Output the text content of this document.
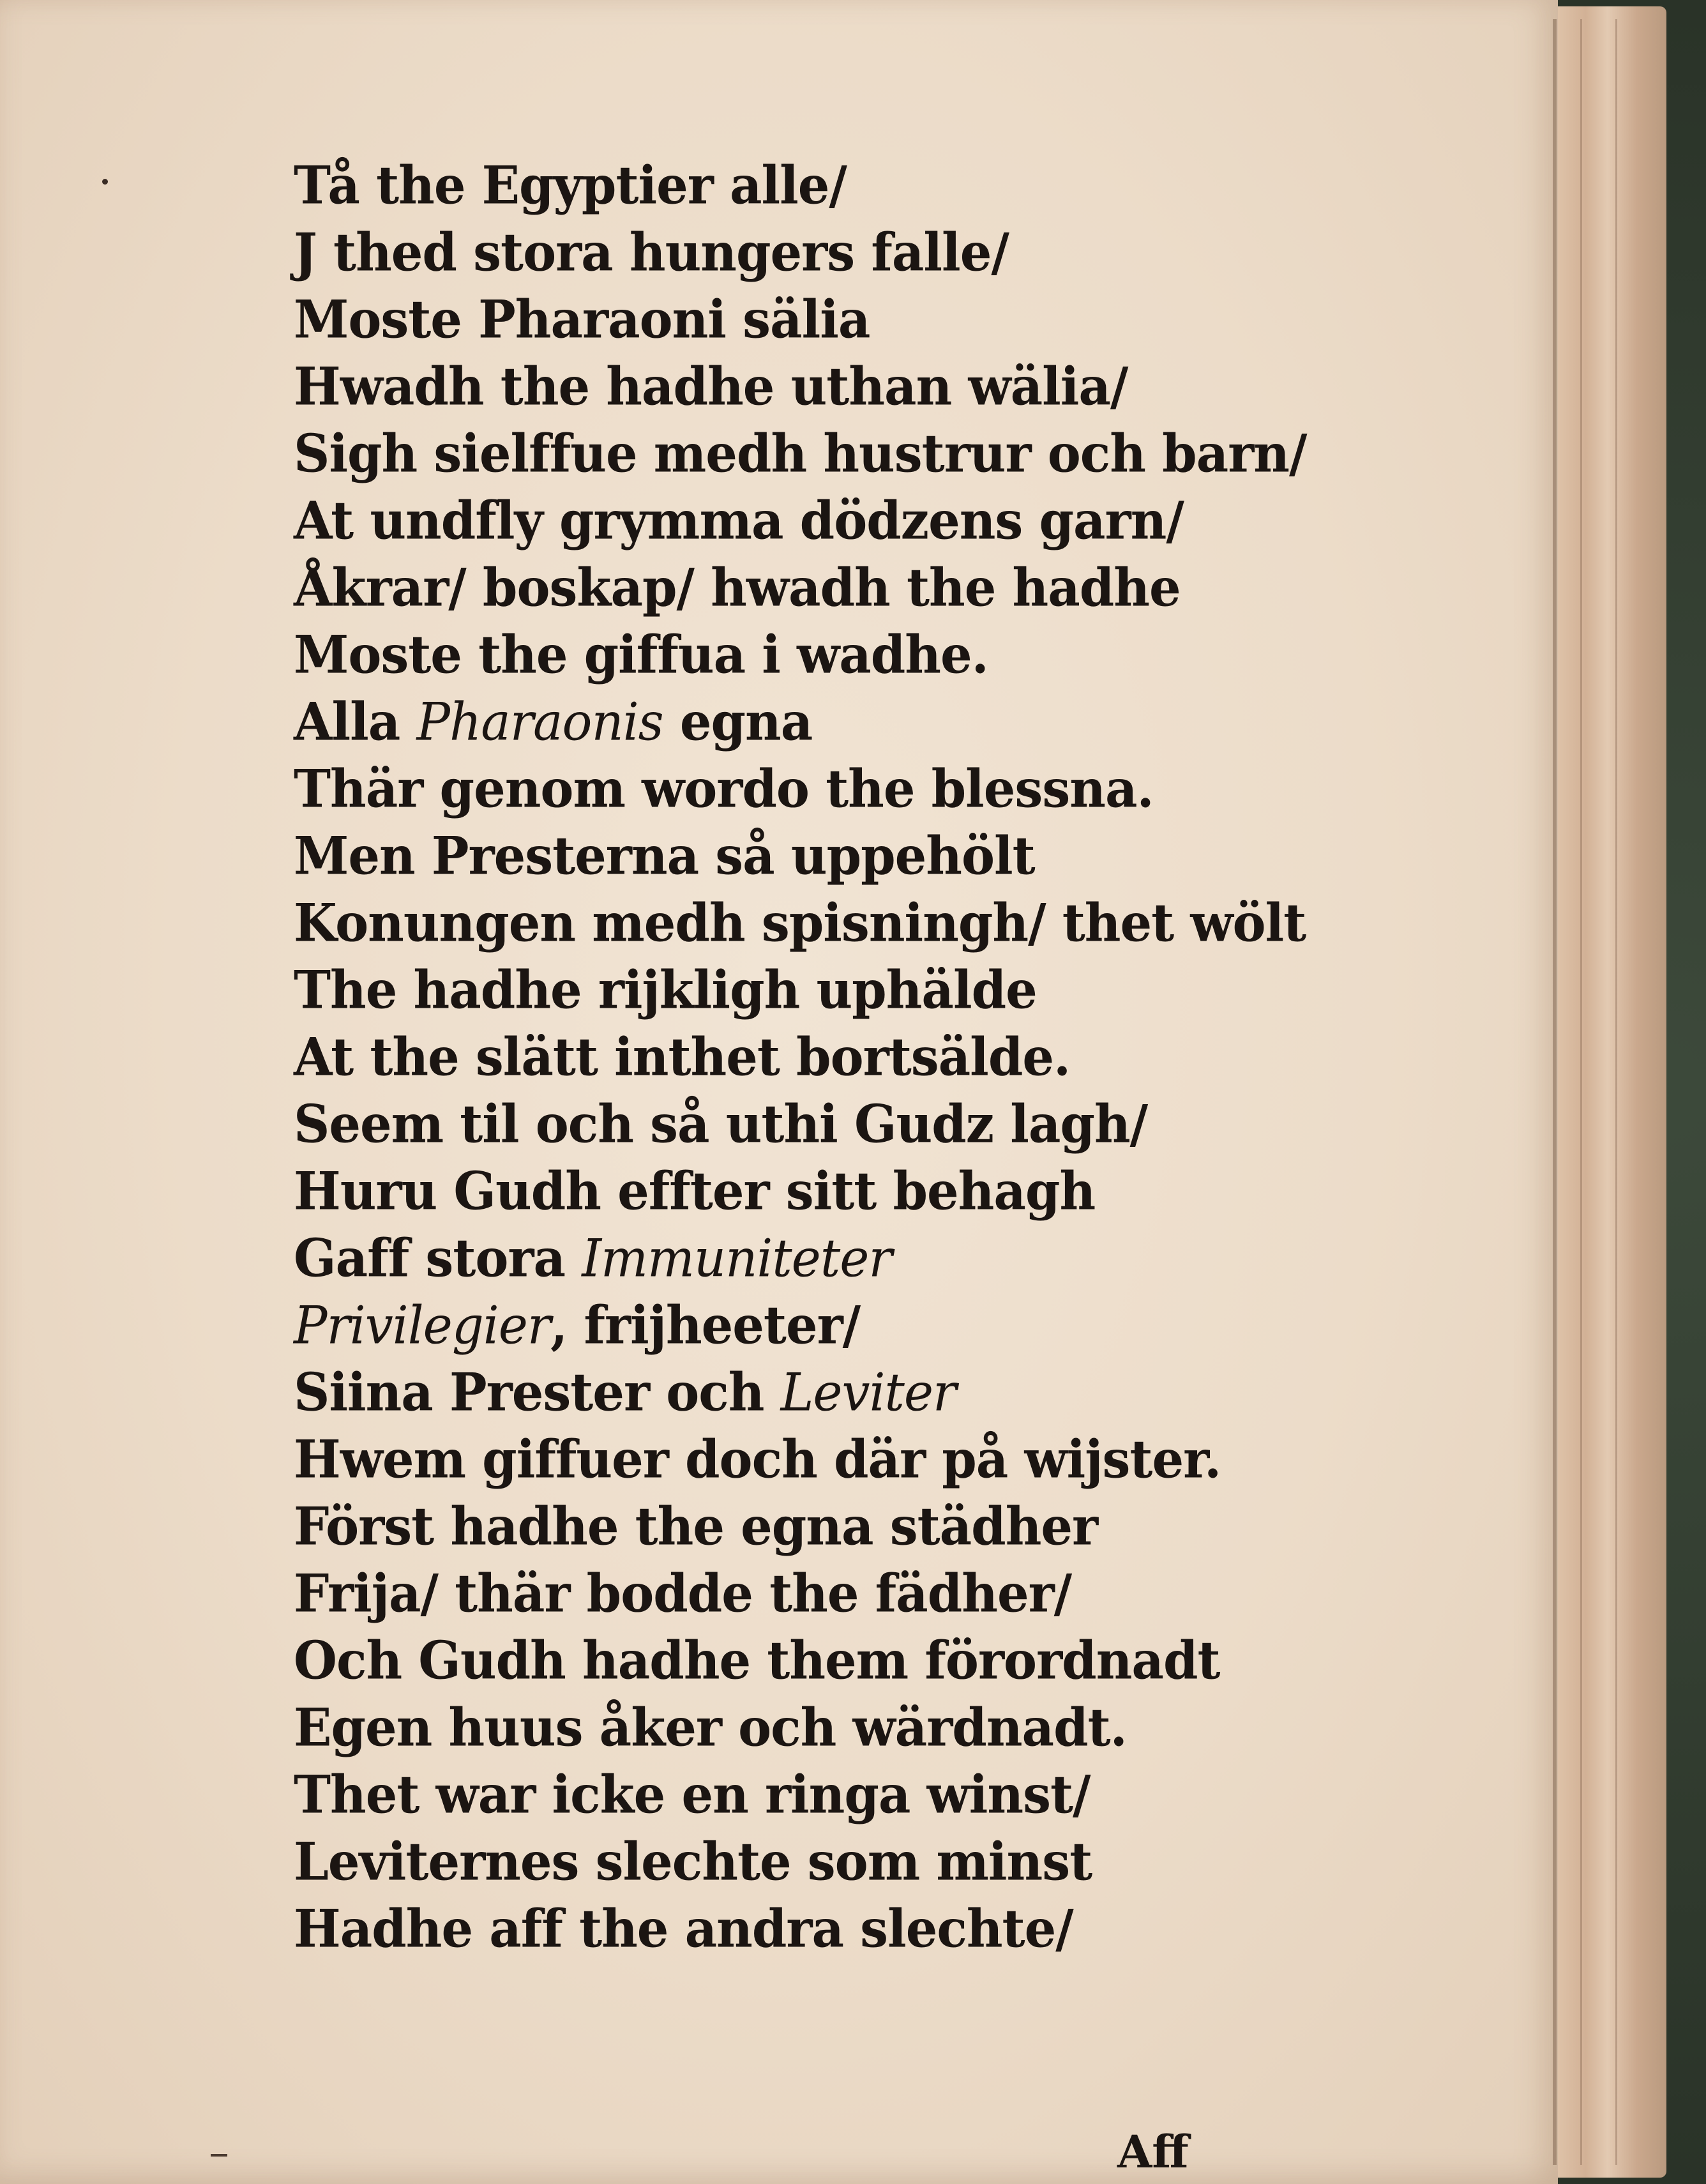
Tå the Egyptier alle/
J thed stora hungers falle/
Moste Pharaoni sälia
Hwadh the hadhe uthan wälia/
Sigh sielffue medh hustrur och barn/
At undfly grymma dödzens garn/
Åkrar/ boskap/ hwadh the hadhe
Moste the giffua i wadhe.
Alla Pharaonis egna
Thär genom wordo the blessna.
Men Presterna så uppehölt
Konungen medh spisningh/ thet wölt
The hadhe rijkligh uphälde
At the slätt inthet bortsälde.
Seem til och så uthi Gudz lagh/
Huru Gudh effter sitt behagh
Gaff stora Immuniteter
Privilegier, frijheeter/
Siina Prester och Leviter
Hwem giffuer doch där på wijster.
Först hadhe the egna städher
Frija/ thär bodde the fädher/
Och Gudh hadhe them förordnadt
Egen huus åker och wärdnadt.
Thet war icke en ringa winst/
Leviternes slechte som minst
Hadhe aff the andra slechte/
Aff
